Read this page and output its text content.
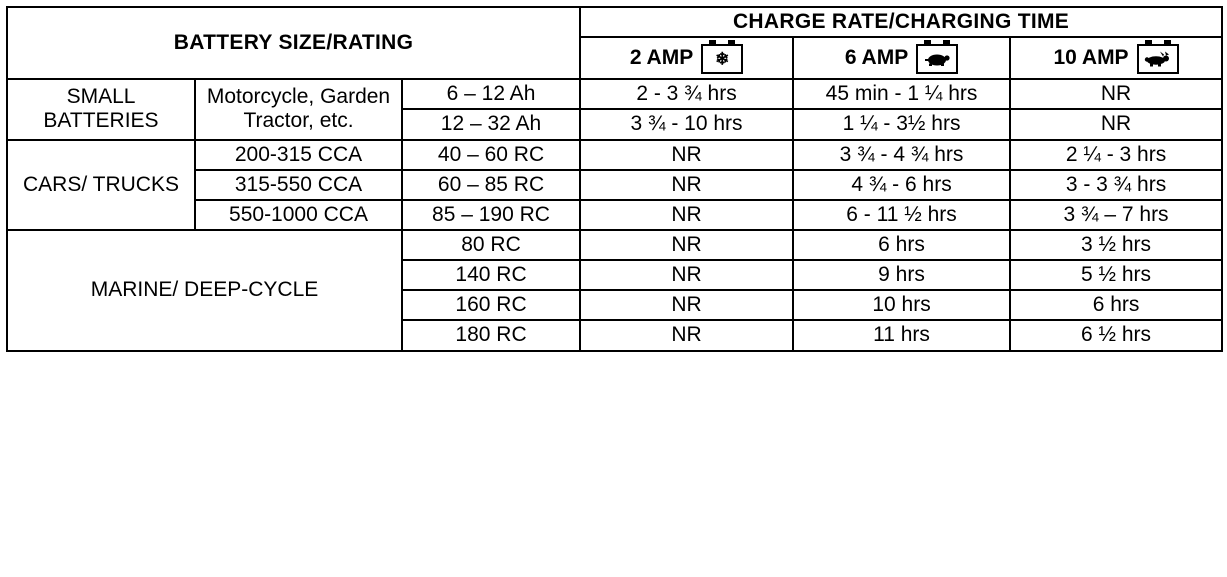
BATTERY SIZE/RATING			CHARGE RATE/CHARGING TIME		

			2 AMP ❄	6 AMP	10 AMP

SMALL BATTERIES	Motorcycle, Garden Tractor, etc.	6 – 12 Ah	2 - 3 ¾ hrs	45 min - 1 ¼ hrs	NR
		12 – 32 Ah	3 ¾ - 10 hrs	1 ¼ - 3½ hrs	NR
CARS/ TRUCKS	200-315 CCA	40 – 60 RC	NR	3 ¾ - 4 ¾ hrs	2 ¼ - 3 hrs
	315-550 CCA	60 – 85 RC	NR	4 ¾ - 6 hrs	3 - 3 ¾ hrs
	550-1000 CCA	85 – 190 RC	NR	6 - 11 ½ hrs	3 ¾ – 7 hrs
MARINE/ DEEP-CYCLE		80 RC	NR	6 hrs	3 ½ hrs
		140 RC	NR	9 hrs	5 ½ hrs
		160 RC	NR	10 hrs	6 hrs
		180 RC	NR	11 hrs	6 ½ hrs
